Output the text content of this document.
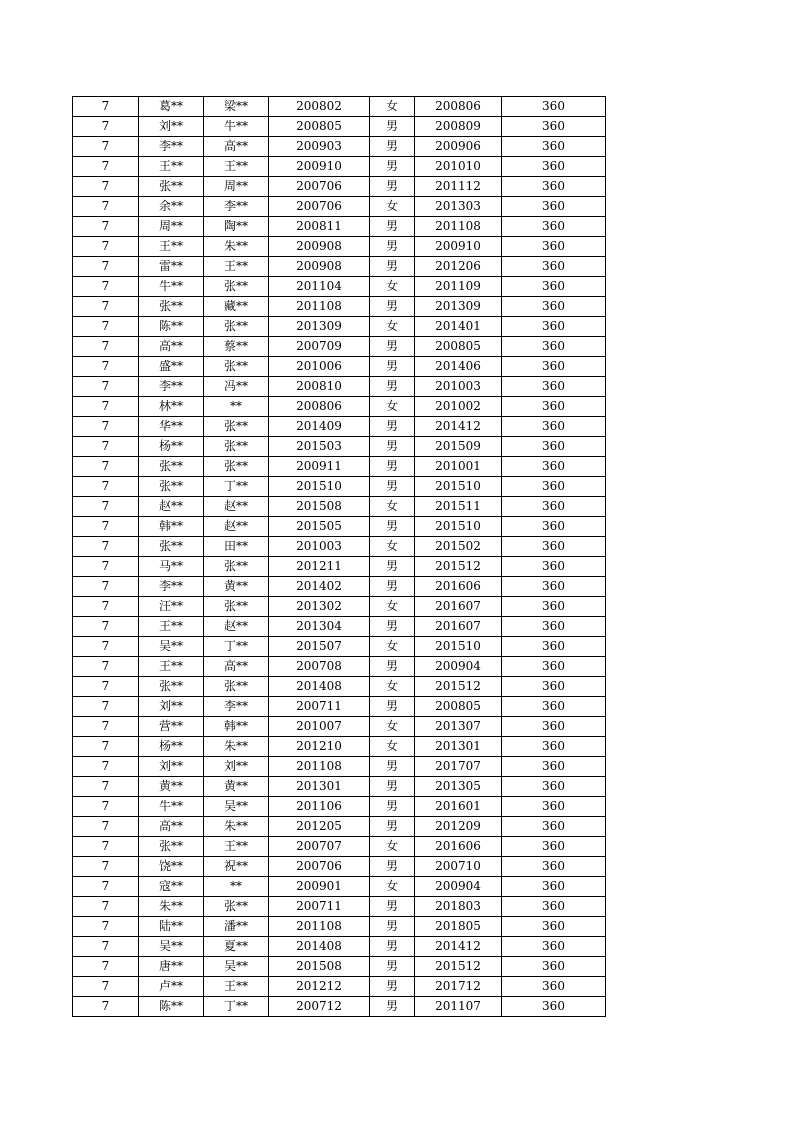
7	葛**	梁**	200802	女	200806	360
7	刘**	牛**	200805	男	200809	360
7	李**	高**	200903	男	200906	360
7	王**	王**	200910	男	201010	360
7	张**	周**	200706	男	201112	360
7	余**	李**	200706	女	201303	360
7	周**	陶**	200811	男	201108	360
7	王**	朱**	200908	男	200910	360
7	雷**	王**	200908	男	201206	360
7	牛**	张**	201104	女	201109	360
7	张**	藏**	201108	男	201309	360
7	陈**	张**	201309	女	201401	360
7	高**	蔡**	200709	男	200805	360
7	盛**	张**	201006	男	201406	360
7	李**	冯**	200810	男	201003	360
7	林**	**	200806	女	201002	360
7	华**	张**	201409	男	201412	360
7	杨**	张**	201503	男	201509	360
7	张**	张**	200911	男	201001	360
7	张**	丁**	201510	男	201510	360
7	赵**	赵**	201508	女	201511	360
7	韩**	赵**	201505	男	201510	360
7	张**	田**	201003	女	201502	360
7	马**	张**	201211	男	201512	360
7	李**	黄**	201402	男	201606	360
7	汪**	张**	201302	女	201607	360
7	王**	赵**	201304	男	201607	360
7	吴**	丁**	201507	女	201510	360
7	王**	高**	200708	男	200904	360
7	张**	张**	201408	女	201512	360
7	刘**	李**	200711	男	200805	360
7	营**	韩**	201007	女	201307	360
7	杨**	朱**	201210	女	201301	360
7	刘**	刘**	201108	男	201707	360
7	黄**	黄**	201301	男	201305	360
7	牛**	吴**	201106	男	201601	360
7	高**	朱**	201205	男	201209	360
7	张**	王**	200707	女	201606	360
7	饶**	祝**	200706	男	200710	360
7	寇**	**	200901	女	200904	360
7	朱**	张**	200711	男	201803	360
7	陆**	潘**	201108	男	201805	360
7	吴**	夏**	201408	男	201412	360
7	唐**	吴**	201508	男	201512	360
7	卢**	王**	201212	男	201712	360
7	陈**	丁**	200712	男	201107	360
